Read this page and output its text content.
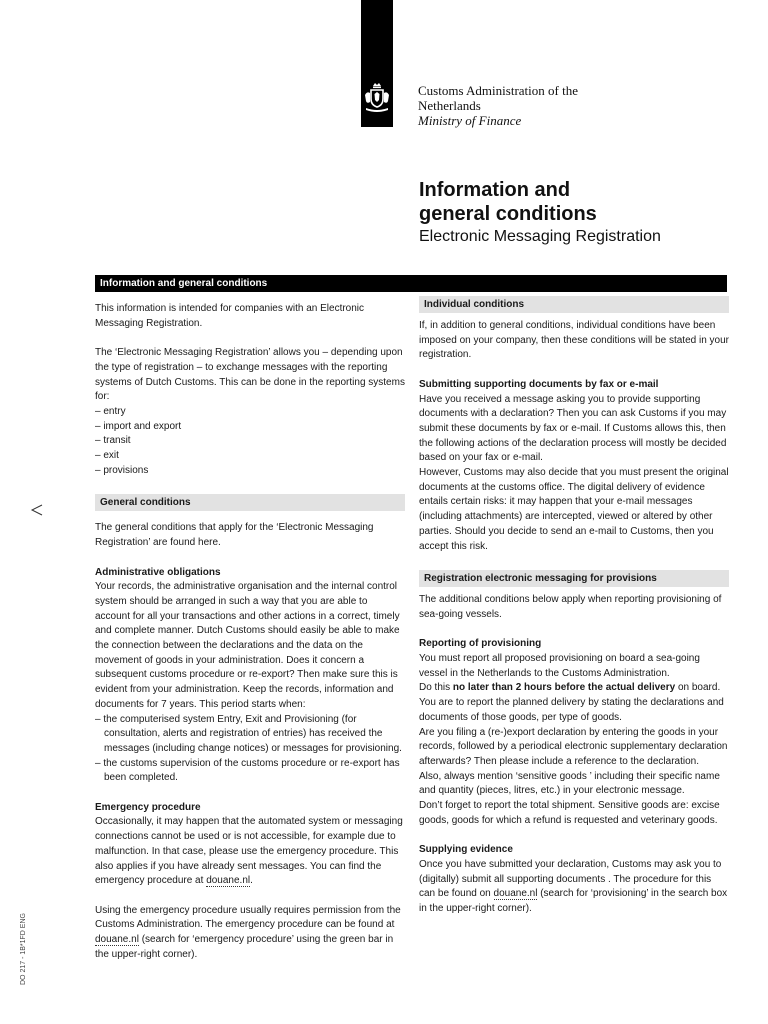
Customs Administration of the
Netherlands
Ministry of Finance
Information and
general conditions
Electronic Messaging Registration
Information and general conditions
DO 217 - 1B*1FD ENG

This information is intended for companies with an Electronic Messaging Registration.

The ‘Electronic Messaging Registration’ allows you – depending upon the type of registration – to exchange messages with the reporting systems of Dutch Customs. This can be done in the reporting systems for:

– entry
– import and export
– transit
– exit
– provisions
General conditions

The general conditions that apply for the ‘Electronic Messaging Registration’ are found here.

Administrative obligations

Your records, the administrative organisation and the internal control system should be arranged in such a way that you are able to account for all your transactions and other actions in a correct, timely and complete manner. Dutch Customs should easily be able to make the connection between the declarations and the data on the movement of goods in your administration. Does it concern a subsequent customs procedure or re-export? Then make sure this is evident from your administration. Keep the records, information and documents for 7 years. This period starts when:

– the computerised system Entry, Exit and Provisioning (for consultation, alerts and registration of entries) has received the messages (including change notices) or messages for provisioning.
– the customs supervision of the customs procedure or re-export has been completed.
Emergency procedure

Occasionally, it may happen that the automated system or messaging connections cannot be used or is not accessible, for example due to malfunction. In that case, please use the emergency procedure. This also applies if you have already sent messages. You can find the emergency procedure at douane.nl.

Using the emergency procedure usually requires permission from the Customs Administration. The emergency procedure can be found at douane.nl (search for ‘emergency procedure’ using the green bar in the upper-right corner).

Individual conditions

If, in addition to general conditions, individual conditions have been imposed on your company, then these conditions will be stated in your registration.

Submitting supporting documents by fax or e-mail

Have you received a message asking you to provide supporting documents with a declaration? Then you can ask Customs if you may submit these documents by fax or e-mail. If Customs allows this, then the following actions of the declaration process will mostly be decided based on your fax or e-mail.

However, Customs may also decide that you must present the original documents at the customs office. The digital delivery of evidence entails certain risks: it may happen that your e-mail messages (including attachments) are intercepted, viewed or altered by other parties. Should you decide to send an e-mail to Customs, then you accept this risk.

Registration electronic messaging for provisions

The additional conditions below apply when reporting provisioning of sea-going vessels.

Reporting of provisioning

You must report all proposed provisioning on board a sea-going vessel in the Netherlands to the Customs Administration.

Do this no later than 2 hours before the actual delivery on board. You are to report the planned delivery by stating the declarations and documents of those goods, per type of goods.

Are you filing a (re-)export declaration by entering the goods in your records, followed by a periodical electronic supplementary declaration afterwards? Then please include a reference to the declaration.

Also, always mention ‘sensitive goods ’ including their specific name and quantity (pieces, litres, etc.) in your electronic message.

Don’t forget to report the total shipment. Sensitive goods are: excise goods, goods for which a refund is requested and veterinary goods.

Supplying evidence

Once you have submitted your declaration, Customs may ask you to (digitally) submit all supporting documents . The procedure for this can be found on douane.nl (search for ‘provisioning’ in the search box in the upper-right corner).
